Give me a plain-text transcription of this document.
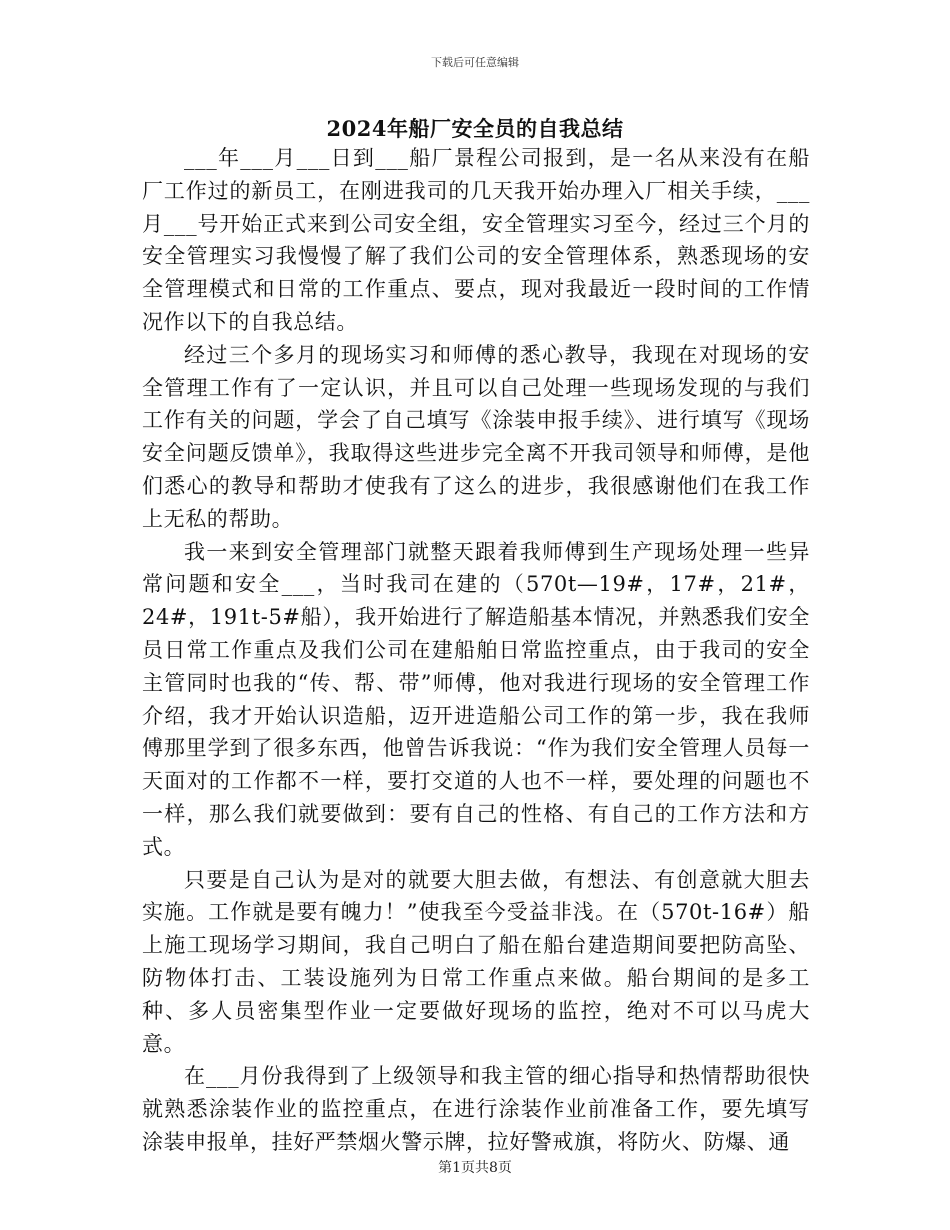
下载后可任意编辑
2024年船厂安全员的自我总结

___年___月___日到___船厂景程公司报到，是一名从来没有在船厂工作过的新员工，在刚进我司的几天我开始办理入厂相关手续，___月___号开始正式来到公司安全组，安全管理实习至今，经过三个月的安全管理实习我慢慢了解了我们公司的安全管理体系，熟悉现场的安全管理模式和日常的工作重点、要点，现对我最近一段时间的工作情况作以下的自我总结。

经过三个多月的现场实习和师傅的悉心教导，我现在对现场的安全管理工作有了一定认识，并且可以自己处理一些现场发现的与我们工作有关的问题，学会了自己填写《涂装申报手续》、进行填写《现场安全问题反馈单》，我取得这些进步完全离不开我司领导和师傅，是他们悉心的教导和帮助才使我有了这么的进步，我很感谢他们在我工作上无私的帮助。

我一来到安全管理部门就整天跟着我师傅到生产现场处理一些异常问题和安全___，当时我司在建的（570t—19#，17#，21#，24#，191t-5#船），我开始进行了解造船基本情况，并熟悉我们安全员日常工作重点及我们公司在建船舶日常监控重点，由于我司的安全主管同时也我的“传、帮、带”师傅，他对我进行现场的安全管理工作介绍，我才开始认识造船，迈开进造船公司工作的第一步，我在我师傅那里学到了很多东西，他曾告诉我说：“作为我们安全管理人员每一天面对的工作都不一样，要打交道的人也不一样，要处理的问题也不一样，那么我们就要做到：要有自己的性格、有自己的工作方法和方式。

只要是自己认为是对的就要大胆去做，有想法、有创意就大胆去实施。工作就是要有魄力！”使我至今受益非浅。在（570t-16#）船上施工现场学习期间，我自己明白了船在船台建造期间要把防高坠、防物体打击、工装设施列为日常工作重点来做。船台期间的是多工种、多人员密集型作业一定要做好现场的监控，绝对不可以马虎大意。

在___月份我得到了上级领导和我主管的细心指导和热情帮助很快就熟悉涂装作业的监控重点，在进行涂装作业前准备工作，要先填写涂装申报单，挂好严禁烟火警示牌，拉好警戒旗，将防火、防爆、通

第1页共8页
